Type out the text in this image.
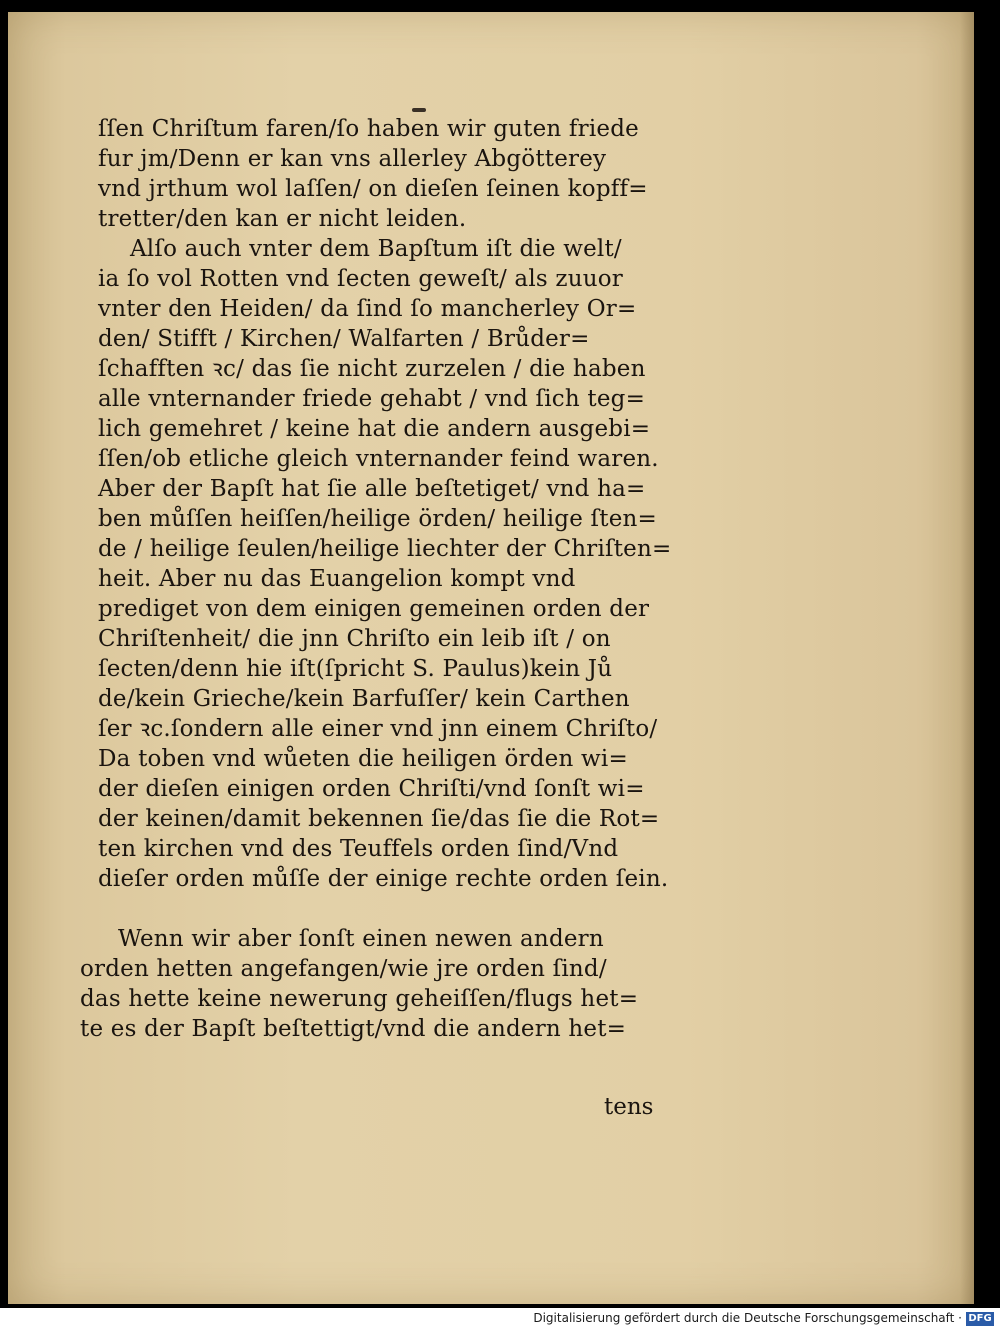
ſſen Chriſtum faren/ſo haben wir guten friede
fur jm/Denn er kan vns allerley Abgötterey
vnd jrthum wol laſſen/ on dieſen ſeinen kopff=
tretter/den kan er nicht leiden.
Alſo auch vnter dem Bapſtum iſt die welt/
ia ſo vol Rotten vnd ſecten geweſt/ als zuuor
vnter den Heiden/ da ſind ſo mancherley Or=
den/ Stifft / Kirchen/ Walfarten / Brůder=
ſchafften ꝛc/ das ſie nicht zurzelen / die haben
alle vnternander friede gehabt / vnd ſich teg=
lich gemehret / keine hat die andern ausgebi=
ſſen/ob etliche gleich vnternander feind waren.
Aber der Bapſt hat ſie alle beſtetiget/ vnd ha=
ben můſſen heiſſen/heilige örden/ heilige ſten=
de / heilige ſeulen/heilige liechter der Chriſten=
heit. Aber nu das Euangelion kompt vnd
prediget von dem einigen gemeinen orden der
Chriſtenheit/ die jnn Chriſto ein leib iſt / on
ſecten/denn hie iſt(ſpricht S. Paulus)kein Jů
de/kein Grieche/kein Barfuſſer/ kein Carthen
ſer ꝛc.ſondern alle einer vnd jnn einem Chriſto/
Da toben vnd wůeten die heiligen örden wi=
der dieſen einigen orden Chriſti/vnd ſonſt wi=
der keinen/damit bekennen ſie/das ſie die Rot=
ten kirchen vnd des Teuffels orden ſind/Vnd
dieſer orden můſſe der einige rechte orden ſein.
Wenn wir aber ſonſt einen newen andern
orden hetten angefangen/wie jre orden ſind/
das hette keine newerung geheiſſen/flugs het=
te es der Bapſt beſtettigt/vnd die andern het=
tens
Digitalisierung gefördert durch die Deutsche Forschungsgemeinschaft · DFG
